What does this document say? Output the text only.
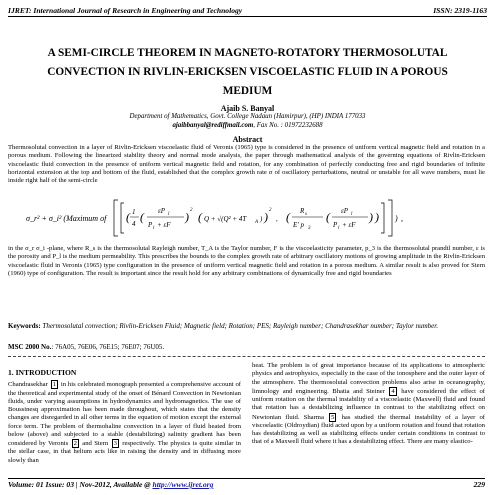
IJRET: International Journal of Research in Engineering and Technology	ISSN: 2319-1163
A SEMI-CIRCLE THEOREM IN MAGNETO-ROTATORY THERMOSOLUTAL CONVECTION IN RIVLIN-ERICKSEN VISCOELASTIC FLUID IN A POROUS MEDIUM
Ajaib S. Banyal
Department of Mathematics, Govt. College Nadaun (Hamirpur), (HP) INDIA 177033
ajaibbanyal@rediffmail.com, Fax No. : 01972232688
Abstract
Thermosolutal convection in a layer of Rivlin-Ericksen viscoelastic fluid of Veronis (1965) type is considered in the presence of uniform vertical magnetic field and rotation in a porous medium. Following the linearized stability theory and normal mode analysis, the paper through mathematical analysis of the governing equations of Rivlin-Ericksen viscoelastic fluid convection in the presence of uniform vertical magnetic field and rotation, for any combination of perfectly conducting free and rigid boundaries of infinite horizontal extension at the top and bottom of the fluid, established that the complex growth rate σ of oscillatory perturbations, neutral or unstable for all wave numbers, must lie inside right half of the semi-circle
σ_r² + σ_i² (Maximum of ( 1
4 ( εP l
P l + εF
) 2 ( Q + √(Q² + 4T A ) ) 2
, ( R s
E' p 3
( εP l
P l + εF
) ) ) ,
in the σ_r σ_i -plane, where R_s is the thermosolutal Rayleigh number, T_A is the Taylor number, F is the viscoelasticity parameter, p_3 is the thermosolutal prandtl number, ε is the porosity and P_l is the medium permeability. This prescribes the bounds to the complex growth rate of arbitrary oscillatory motions of growing amplitude in the Rivlin-Ericksen viscoelastic fluid in Veronis (1965) type configuration in the presence of uniform vertical magnetic field and rotation in a porous medium. A similar result is also proved for Stern (1960) type of configuration. The result is important since the result hold for any arbitrary combinations of dynamically free and rigid boundaries
Keywords: Thermosolutal convection; Rivlin-Ericksen Fluid; Magnetic field; Rotation; PES; Rayleigh number; Chandrasekhar number; Taylor number.
MSC 2000 No.: 76A05, 76E06, 76E15; 76E07; 76U05.
1. INTRODUCTION
Chandrasekhar 1 in his celebrated monograph presented a comprehensive account of the theoretical and experimental study of the onset of Bénard Convection in Newtonian fluids, under varying assumptions in hydrodynamics and hydromagnetics. The use of Boussinesq approximation has been made throughout, which states that the density changes are disregarded in all other terms in the equation of motion except the external force term. The problem of thermohaline convection in a layer of fluid heated from below (above) and subjected to a stable (destabilizing) salinity gradient has been considered by Veronis 2 and Stern 3 respectively. The physics is quite similar in the stellar case, in that helium acts like in raising the density and in diffusing more slowly than
heat. The problem is of great importance because of its applications to atmospheric physics and astrophysics, especially in the case of the ionosphere and the outer layer of the atmosphere. The thermosolutal convection problems also arise in oceanography, limnology and engineering. Bhatia and Steiner 4 have considered the effect of uniform rotation on the thermal instability of a viscoelastic (Maxwell) fluid and found that rotation has a destabilizing influence in contrast to the stabilizing effect on Newtonian fluid. Sharma 5 has studied the thermal instability of a layer of viscoelastic (Oldroydian) fluid acted upon by a uniform rotation and found that rotation has destabilizing as well as stabilizing effects under certain conditions in contrast to that of a Maxwell fluid where it has a destabilizing effect. There are many elastico-
Volume: 01 Issue: 03 | Nov-2012, Available @ http://www.ijret.org	229
